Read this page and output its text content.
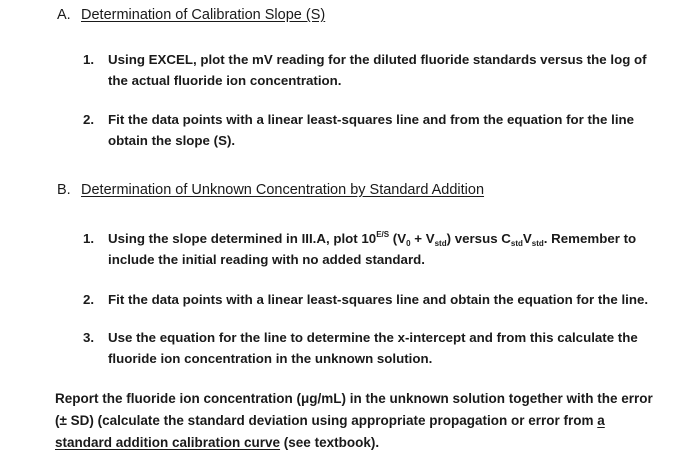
A. Determination of Calibration Slope (S)
1. Using EXCEL, plot the mV reading for the diluted fluoride standards versus the log of the actual fluoride ion concentration.
2. Fit the data points with a linear least-squares line and from the equation for the line obtain the slope (S).
B. Determination of Unknown Concentration by Standard Addition
1. Using the slope determined in III.A, plot $10^{E/S}$ $(V_0 + V_{std})$ versus $C_{std}V_{std}$. Remember to include the initial reading with no added standard.
2. Fit the data points with a linear least-squares line and obtain the equation for the line.
3. Use the equation for the line to determine the x-intercept and from this calculate the fluoride ion concentration in the unknown solution.
Report the fluoride ion concentration (μg/mL) in the unknown solution together with the error (± SD) (calculate the standard deviation using appropriate propagation or error from a standard addition calibration curve (see textbook).
